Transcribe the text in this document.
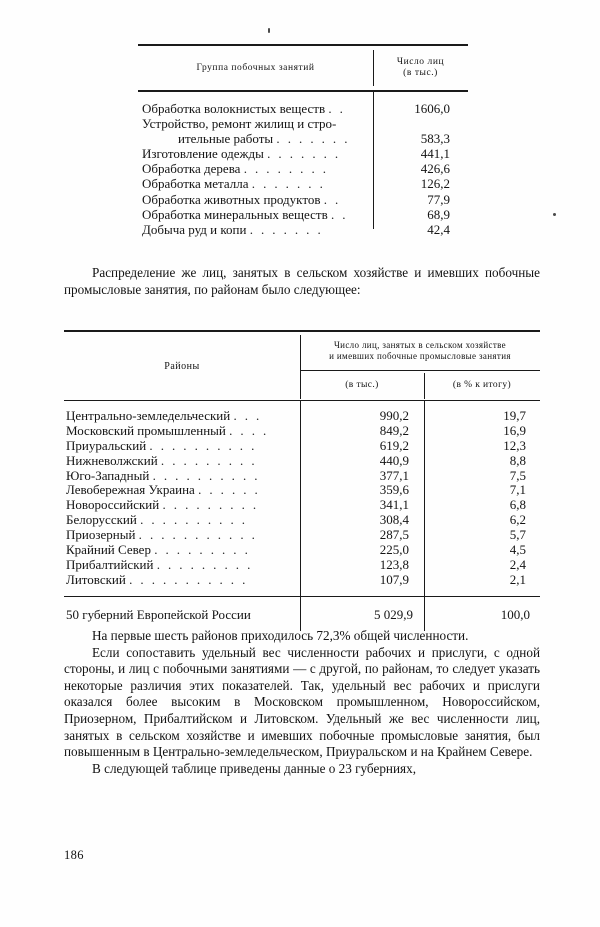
Группа побочных занятий
Число лиц
(в тыс.)
Обработка волокнистых веществ . .	1606,0
Устройство, ремонт жилищ и стро-
ительные работы . . . . . . .	583,3
Изготовление одежды . . . . . . .	441,1
Обработка дерева . . . . . . . .	426,6
Обработка металла . . . . . . .	126,2
Обработка животных продуктов . .	77,9
Обработка минеральных веществ . .	68,9
Добыча руд и копи . . . . . . .	42,4

Распределение же лиц, занятых в сельском хозяйстве и имевших побочные промысловые занятия, по районам было следующее:

Районы
Число лиц, занятых в сельском хозяйстве
и имевших побочные промысловые занятия
(в тыс.)	(в % к итогу)
Центрально-земледельческий . . .	990,2	19,7
Московский промышленный . . . .	849,2	16,9
Приуральский . . . . . . . . . .	619,2	12,3
Нижневолжский . . . . . . . . .	440,9	8,8
Юго-Западный . . . . . . . . . .	377,1	7,5
Левобережная Украина . . . . . .	359,6	7,1
Новороссийский . . . . . . . . .	341,1	6,8
Белорусский . . . . . . . . . .	308,4	6,2
Приозерный . . . . . . . . . . .	287,5	5,7
Крайний Север . . . . . . . . .	225,0	4,5
Прибалтийский . . . . . . . . .	123,8	2,4
Литовский . . . . . . . . . . .	107,9	2,1
50 губерний Европейской России	5 029,9	100,0

На первые шесть районов приходилось 72,3% общей численности.

Если сопоставить удельный вес численности рабочих и прислуги, с одной стороны, и лиц с побочными занятиями — с другой, по районам, то следует указать некоторые различия этих показателей. Так, удельный вес рабочих и прислуги оказался более высоким в Московском промышленном, Новороссийском, Приозерном, Прибалтийском и Литовском. Удельный же вес численности лиц, занятых в сельском хозяйстве и имевших побочные промысловые занятия, был повышенным в Центрально-земледельческом, Приуральском и на Крайнем Севере.

В следующей таблице приведены данные о 23 губерниях,

186
